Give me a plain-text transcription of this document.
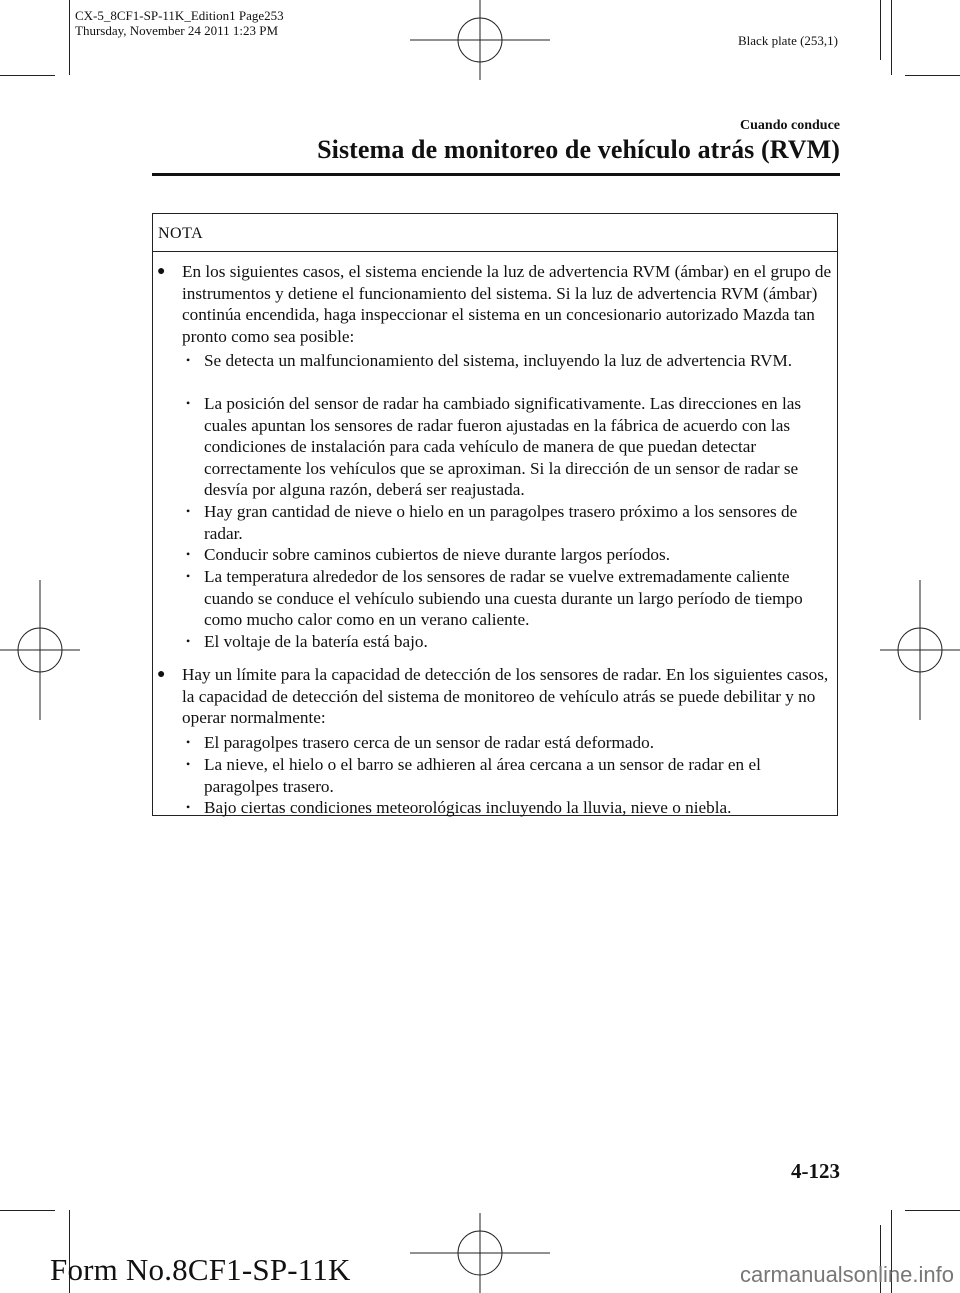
CX-5_8CF1-SP-11K_Edition1 Page253
Thursday, November 24 2011 1:23 PM
Black plate (253,1)
Cuando conduce
Sistema de monitoreo de vehículo atrás (RVM)
NOTA
● En los siguientes casos, el sistema enciende la luz de advertencia RVM (ámbar) en el grupo de instrumentos y detiene el funcionamiento del sistema. Si la luz de advertencia RVM (ámbar) continúa encendida, haga inspeccionar el sistema en un concesionario autorizado Mazda tan pronto como sea posible:
• Se detecta un malfuncionamiento del sistema, incluyendo la luz de advertencia RVM.
• La posición del sensor de radar ha cambiado significativamente. Las direcciones en las cuales apuntan los sensores de radar fueron ajustadas en la fábrica de acuerdo con las condiciones de instalación para cada vehículo de manera de que puedan detectar correctamente los vehículos que se aproximan. Si la dirección de un sensor de radar se desvía por alguna razón, deberá ser reajustada.
• Hay gran cantidad de nieve o hielo en un paragolpes trasero próximo a los sensores de radar.
• Conducir sobre caminos cubiertos de nieve durante largos períodos.
• La temperatura alrededor de los sensores de radar se vuelve extremadamente caliente cuando se conduce el vehículo subiendo una cuesta durante un largo período de tiempo como mucho calor como en un verano caliente.
• El voltaje de la batería está bajo.
● Hay un límite para la capacidad de detección de los sensores de radar. En los siguientes casos, la capacidad de detección del sistema de monitoreo de vehículo atrás se puede debilitar y no operar normalmente:
• El paragolpes trasero cerca de un sensor de radar está deformado.
• La nieve, el hielo o el barro se adhieren al área cercana a un sensor de radar en el paragolpes trasero.
• Bajo ciertas condiciones meteorológicas incluyendo la lluvia, nieve o niebla.
4-123
Form No.8CF1-SP-11K	carmanualsonline.info
